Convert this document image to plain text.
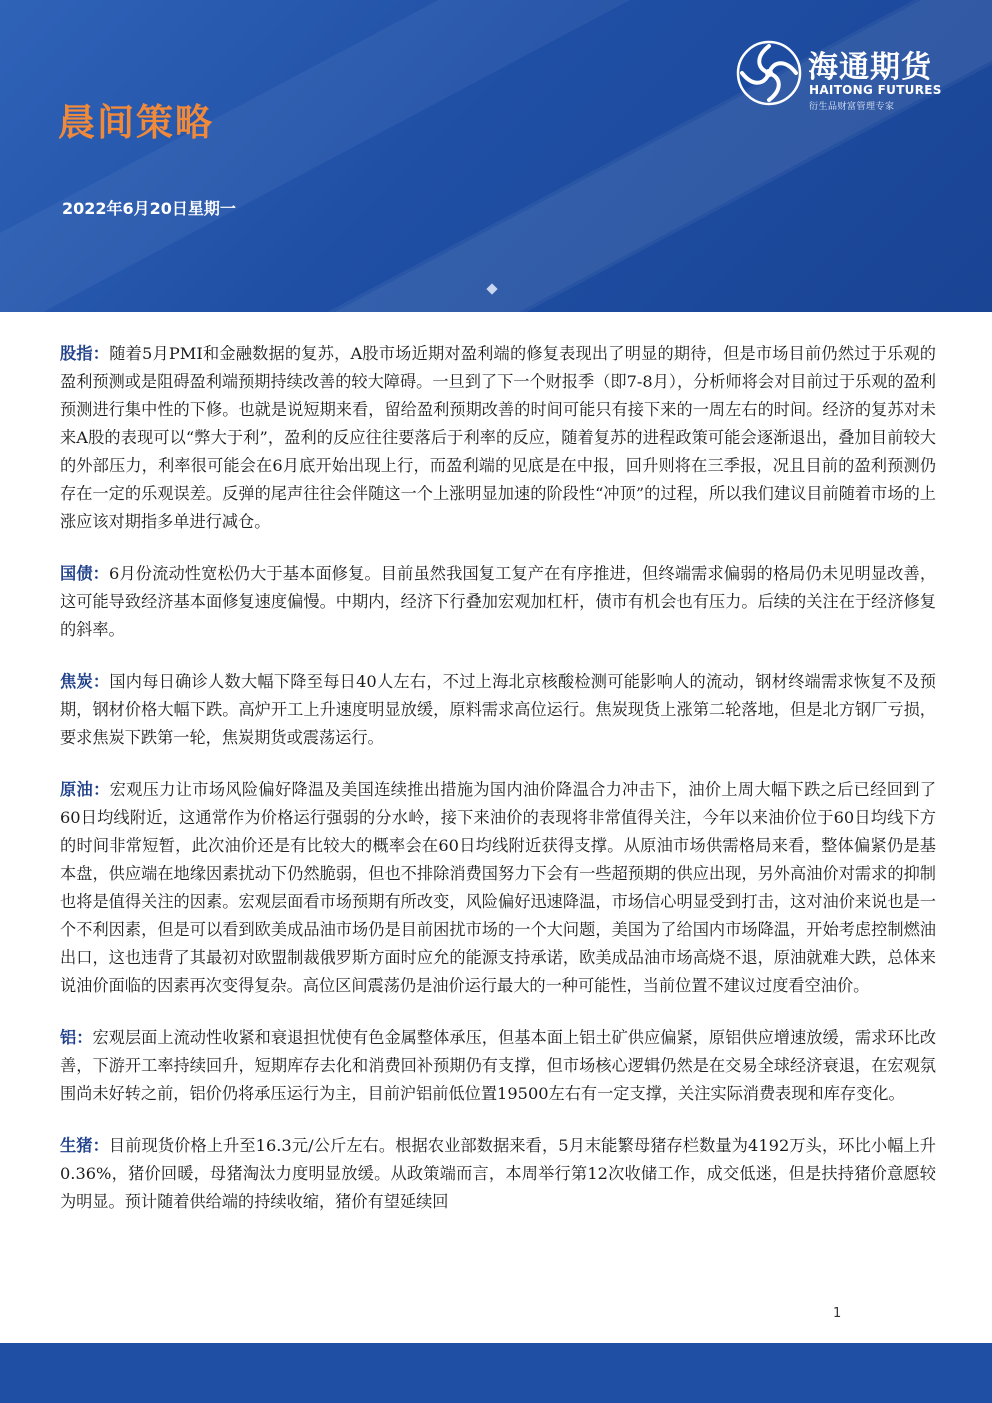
晨间策略
2022年6月20日星期一
海通期货
HAITONG FUTURES
衍生品财富管理专家

股指：随着5月PMI和金融数据的复苏，A股市场近期对盈利端的修复表现出了明显的期待，但是市场目前仍然过于乐观的盈利预测或是阻碍盈利端预期持续改善的较大障碍。一旦到了下一个财报季（即7-8月），分析师将会对目前过于乐观的盈利预测进行集中性的下修。也就是说短期来看，留给盈利预期改善的时间可能只有接下来的一周左右的时间。经济的复苏对未来A股的表现可以“弊大于利”，盈利的反应往往要落后于利率的反应，随着复苏的进程政策可能会逐渐退出，叠加目前较大的外部压力，利率很可能会在6月底开始出现上行，而盈利端的见底是在中报，回升则将在三季报，况且目前的盈利预测仍存在一定的乐观误差。反弹的尾声往往会伴随这一个上涨明显加速的阶段性“冲顶”的过程，所以我们建议目前随着市场的上涨应该对期指多单进行减仓。

国债：6月份流动性宽松仍大于基本面修复。目前虽然我国复工复产在有序推进，但终端需求偏弱的格局仍未见明显改善，这可能导致经济基本面修复速度偏慢。中期内，经济下行叠加宏观加杠杆，债市有机会也有压力。后续的关注在于经济修复的斜率。

焦炭：国内每日确诊人数大幅下降至每日40人左右，不过上海北京核酸检测可能影响人的流动，钢材终端需求恢复不及预期，钢材价格大幅下跌。高炉开工上升速度明显放缓，原料需求高位运行。焦炭现货上涨第二轮落地，但是北方钢厂亏损，要求焦炭下跌第一轮，焦炭期货或震荡运行。

原油：宏观压力让市场风险偏好降温及美国连续推出措施为国内油价降温合力冲击下，油价上周大幅下跌之后已经回到了60日均线附近，这通常作为价格运行强弱的分水岭，接下来油价的表现将非常值得关注，今年以来油价位于60日均线下方的时间非常短暂，此次油价还是有比较大的概率会在60日均线附近获得支撑。从原油市场供需格局来看，整体偏紧仍是基本盘，供应端在地缘因素扰动下仍然脆弱，但也不排除消费国努力下会有一些超预期的供应出现，另外高油价对需求的抑制也将是值得关注的因素。宏观层面看市场预期有所改变，风险偏好迅速降温，市场信心明显受到打击，这对油价来说也是一个不利因素，但是可以看到欧美成品油市场仍是目前困扰市场的一个大问题，美国为了给国内市场降温，开始考虑控制燃油出口，这也违背了其最初对欧盟制裁俄罗斯方面时应允的能源支持承诺，欧美成品油市场高烧不退，原油就难大跌，总体来说油价面临的因素再次变得复杂。高位区间震荡仍是油价运行最大的一种可能性，当前位置不建议过度看空油价。

铝：宏观层面上流动性收紧和衰退担忧使有色金属整体承压，但基本面上铝土矿供应偏紧，原铝供应增速放缓，需求环比改善，下游开工率持续回升，短期库存去化和消费回补预期仍有支撑，但市场核心逻辑仍然是在交易全球经济衰退，在宏观氛围尚未好转之前，铝价仍将承压运行为主，目前沪铝前低位置19500左右有一定支撑，关注实际消费表现和库存变化。

生猪：目前现货价格上升至16.3元/公斤左右。根据农业部数据来看，5月末能繁母猪存栏数量为4192万头，环比小幅上升0.36%，猪价回暖，母猪淘汰力度明显放缓。从政策端而言，本周举行第12次收储工作，成交低迷，但是扶持猪价意愿较为明显。预计随着供给端的持续收缩，猪价有望延续回

1
